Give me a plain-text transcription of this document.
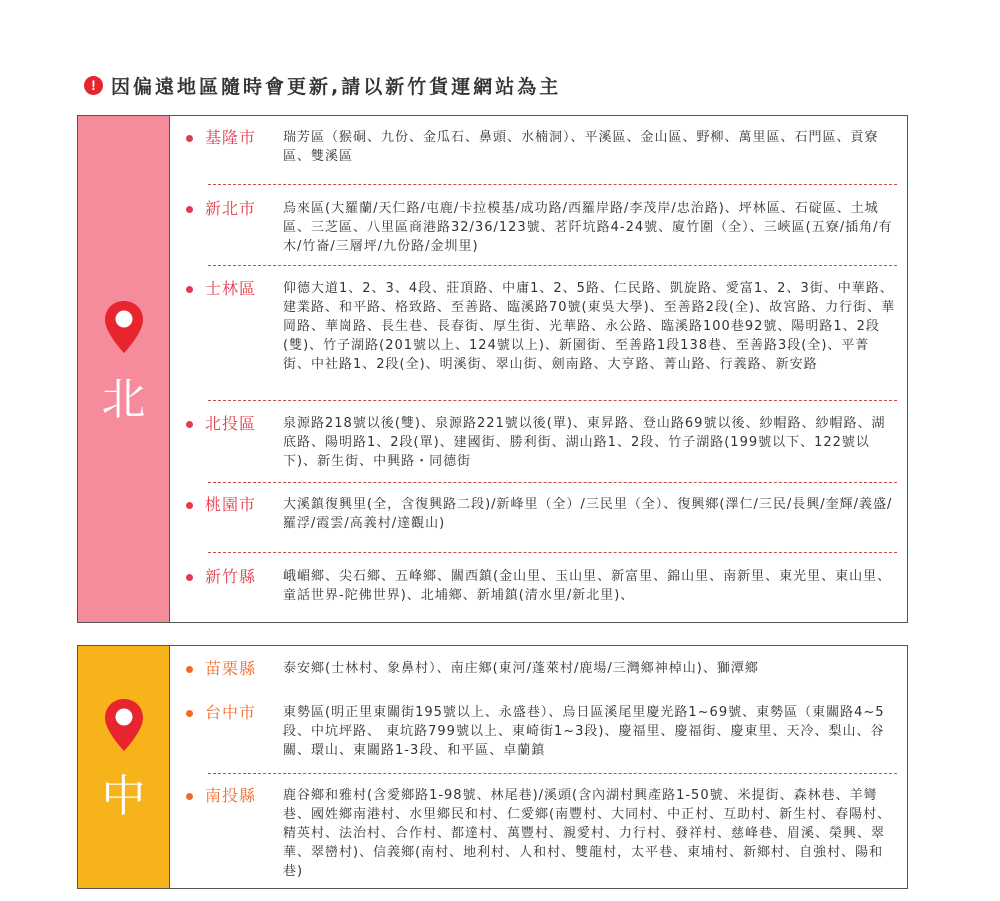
! 因偏遠地區隨時會更新,請以新竹貨運網站為主
北
基隆市	瑞芳區（猴硐、九份、金瓜石、鼻頭、水楠洞）、平溪區、金山區、野柳、萬里區、石門區、貢寮區、雙溪區
新北市	烏來區(大羅蘭/天仁路/屯鹿/卡拉模基/成功路/西羅岸路/李茂岸/忠治路)、坪林區、石碇區、土城區、三芝區、八里區商港路32/36/123號、茗阡坑路4-24號、廈竹圍（全）、三峽區(五寮/插角/有木/竹崙/三層坪/九份路/金圳里)
士林區	仰德大道1、2、3、4段、莊頂路、中庸1、2、5路、仁民路、凱旋路、愛富1、2、3街、中華路、建業路、和平路、格致路、至善路、臨溪路70號(東吳大學)、至善路2段(全)、故宮路、力行街、華岡路、華崗路、長生巷、長春街、厚生街、光華路、永公路、臨溪路100巷92號、陽明路1、2段(雙)、竹子湖路(201號以上、124號以上)、新園街、至善路1段138巷、至善路3段(全)、平菁街、中社路1、2段(全)、明溪街、翠山街、劍南路、大亨路、菁山路、行義路、新安路
北投區	泉源路218號以後(雙)、泉源路221號以後(單)、東昇路、登山路69號以後、紗帽路、紗帽路、湖底路、陽明路1、2段(單)、建國街、勝利街、湖山路1、2段、竹子湖路(199號以下、122號以下)、新生街、中興路・同德街
桃園市	大溪鎮復興里(全，含復興路二段)/新峰里（全）/三民里（全）、復興鄉(澤仁/三民/長興/奎輝/義盛/羅浮/霞雲/高義村/達觀山)
新竹縣	峨嵋鄉、尖石鄉、五峰鄉、關西鎮(金山里、玉山里、新富里、錦山里、南新里、東光里、東山里、童話世界-陀佛世界)、北埔鄉、新埔鎮(清水里/新北里)、
中
苗栗縣	泰安鄉(士林村、象鼻村）、南庄鄉(東河/蓬萊村/鹿場/三灣鄉神棹山)、獅潭鄉
台中市	東勢區(明正里東關街195號以上、永盛巷）、烏日區溪尾里慶光路1~69號、東勢區（東關路4~5段、中坑坪路、 東坑路799號以上、東崎街1~3段)、慶福里、慶福街、慶東里、天冷、梨山、谷關、環山、東關路1-3段、和平區、卓蘭鎮
南投縣	鹿谷鄉和雅村(含愛鄉路1-98號、林尾巷)/溪頭(含內湖村興產路1-50號、米提街、森林巷、羊彎巷、國姓鄉南港村、水里鄉民和村、仁愛鄉(南豐村、大同村、中正村、互助村、新生村、春陽村、精英村、法治村、合作村、都達村、萬豐村、親愛村、力行村、發祥村、慈峰巷、眉溪、榮興、翠華、翠巒村)、信義鄉(南村、地利村、人和村、雙龍村，太平巷、東埔村、新鄉村、自強村、陽和巷)
